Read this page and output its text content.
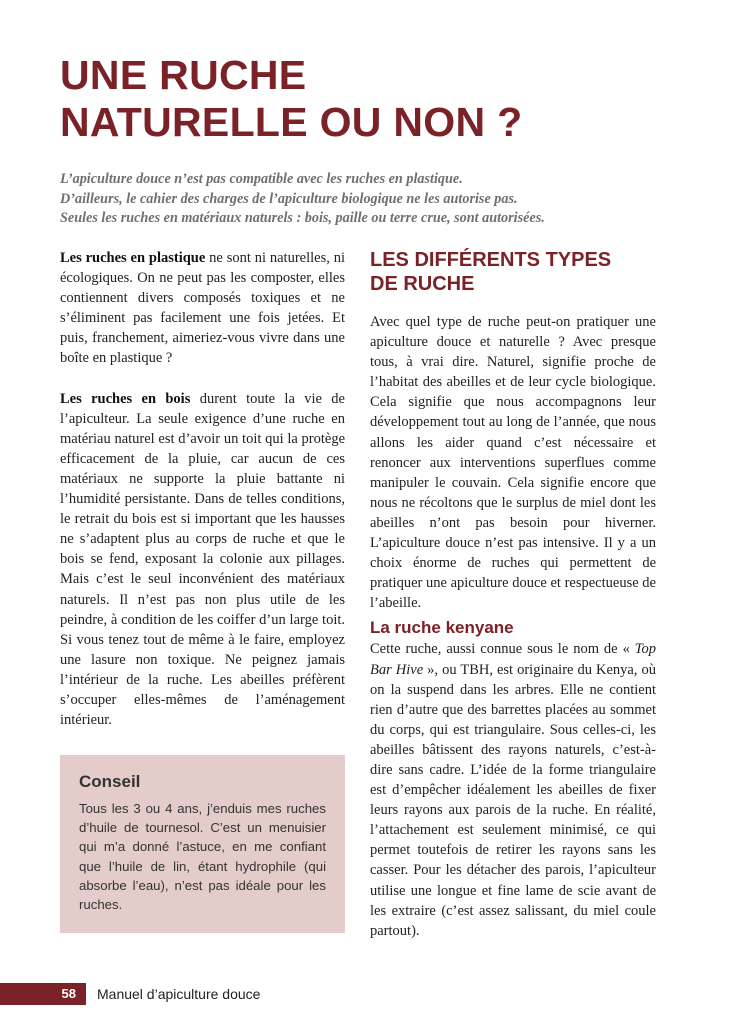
UNE RUCHE
NATURELLE OU NON ?
L’apiculture douce n’est pas compatible avec les ruches en plastique.
D’ailleurs, le cahier des charges de l’apiculture biologique ne les autorise pas.
Seules les ruches en matériaux naturels : bois, paille ou terre crue, sont autorisées.

Les ruches en plastique ne sont ni naturelles, ni écologiques. On ne peut pas les composter, elles contiennent divers composés toxiques et ne s’éliminent pas facilement une fois jetées. Et puis, franchement, aimeriez-vous vivre dans une boîte en plastique ?

Les ruches en bois durent toute la vie de l’apiculteur. La seule exigence d’une ruche en matériau naturel est d’avoir un toit qui la protège efficacement de la pluie, car aucun de ces matériaux ne supporte la pluie battante ni l’humidité persistante. Dans de telles conditions, le retrait du bois est si important que les hausses ne s’adaptent plus au corps de ruche et que le bois se fend, exposant la colonie aux pillages. Mais c’est le seul inconvénient des matériaux naturels. Il n’est pas non plus utile de les peindre, à condition de les coiffer d’un large toit. Si vous tenez tout de même à le faire, employez une lasure non toxique. Ne peignez jamais l’intérieur de la ruche. Les abeilles préfèrent s’occuper elles-mêmes de l’aménagement intérieur.

Conseil

Tous les 3 ou 4 ans, j’enduis mes ruches d’huile de tournesol. C’est un menuisier qui m’a donné l’astuce, en me confiant que l’huile de lin, étant hydrophile (qui absorbe l’eau), n’est pas idéale pour les ruches.

LES DIFFÉRENTS TYPES
DE RUCHE

Avec quel type de ruche peut-on pratiquer une apiculture douce et naturelle ? Avec presque tous, à vrai dire. Naturel, signifie proche de l’habitat des abeilles et de leur cycle biologique. Cela signifie que nous accompagnons leur développement tout au long de l’année, que nous allons les aider quand c’est nécessaire et renoncer aux interventions superflues comme manipuler le couvain. Cela signifie encore que nous ne récoltons que le surplus de miel dont les abeilles n’ont pas besoin pour hiverner. L’apiculture douce n’est pas intensive. Il y a un choix énorme de ruches qui permettent de pratiquer une apiculture douce et respectueuse de l’abeille.

La ruche kenyane

Cette ruche, aussi connue sous le nom de « Top Bar Hive », ou TBH, est originaire du Kenya, où on la suspend dans les arbres. Elle ne contient rien d’autre que des barrettes placées au sommet du corps, qui est triangulaire. Sous celles-ci, les abeilles bâtissent des rayons naturels, c’est-à-dire sans cadre. L’idée de la forme triangulaire est d’empêcher idéalement les abeilles de fixer leurs rayons aux parois de la ruche. En réalité, l’attachement est seulement minimisé, ce qui permet toutefois de retirer les rayons sans les casser. Pour les détacher des parois, l’apiculteur utilise une longue et fine lame de scie avant de les extraire (c’est assez salissant, du miel coule partout).

58	Manuel d’apiculture douce
